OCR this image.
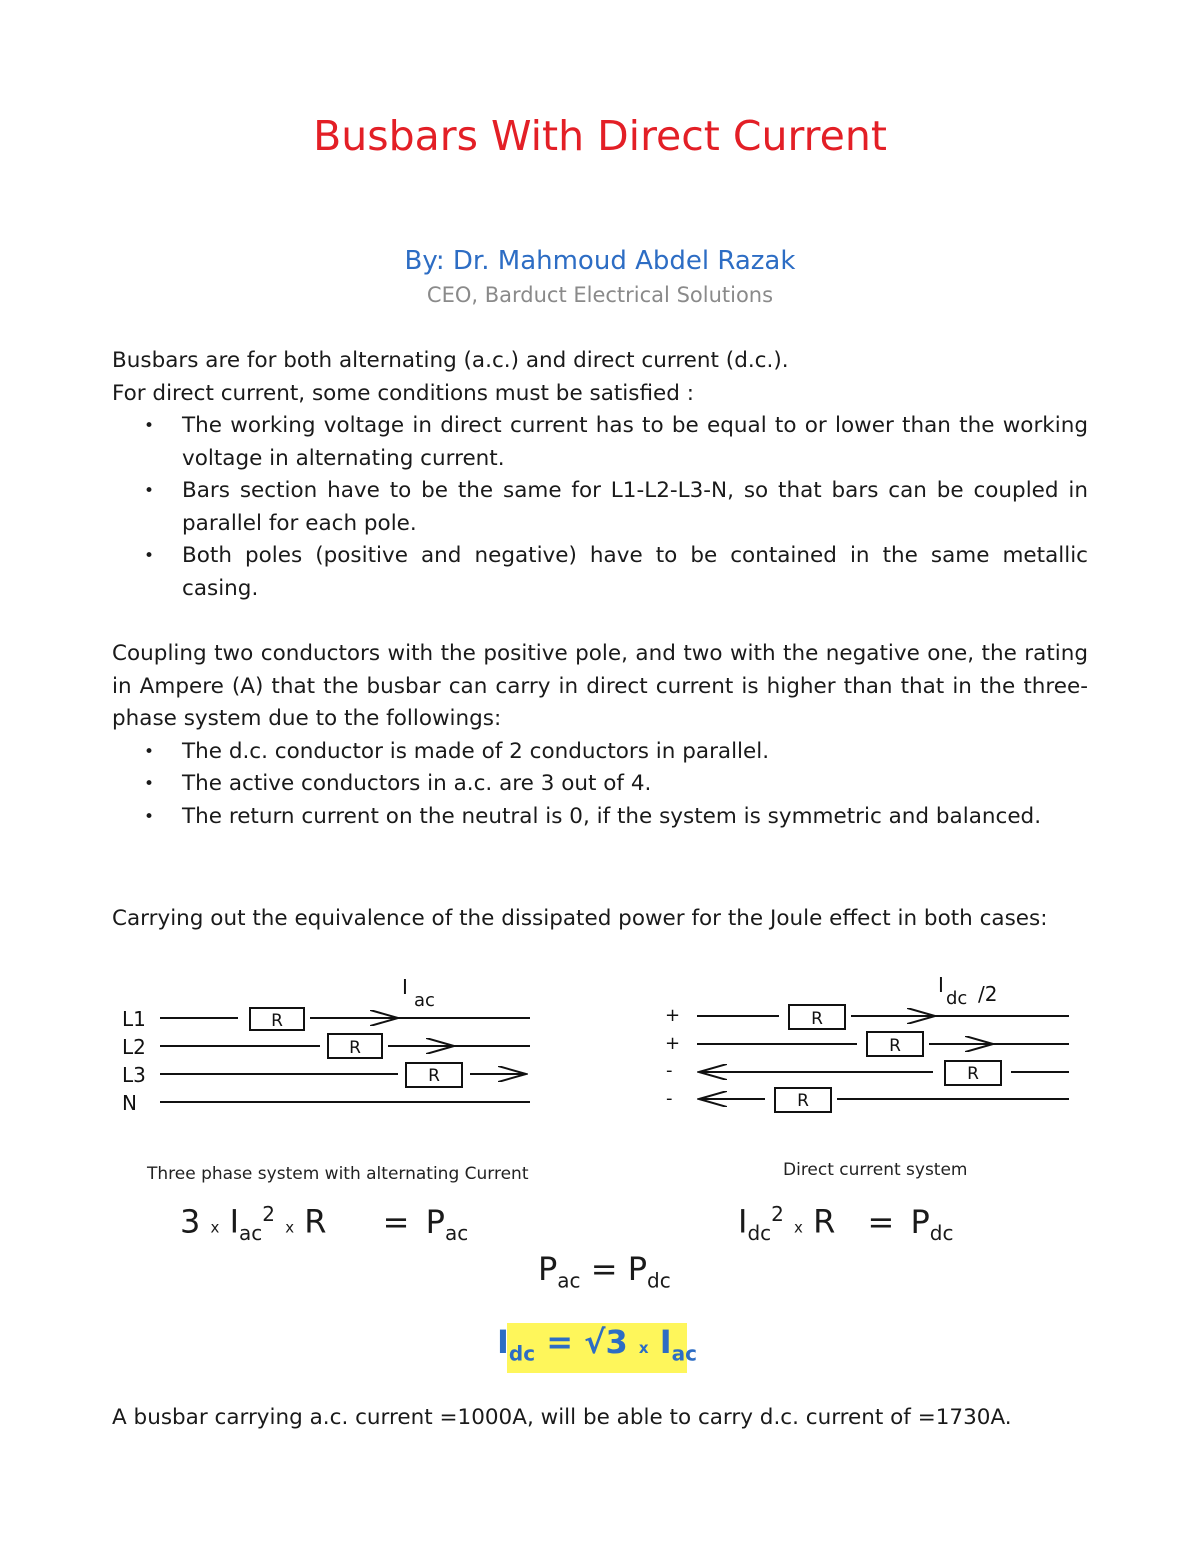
Busbars With Direct Current
By: Dr. Mahmoud Abdel Razak
CEO, Barduct Electrical Solutions

Busbars are for both alternating (a.c.) and direct current (d.c.).

For direct current, some conditions must be satisfied :

• The working voltage in direct current has to be equal to or lower than the working voltage in alternating current.
• Bars section have to be the same for L1-L2-L3-N, so that bars can be coupled in parallel for each pole.
• Both poles (positive and negative) have to be contained in the same metallic casing.

Coupling two conductors with the positive pole, and two with the negative one, the rating in Ampere (A) that the busbar can carry in direct current is higher than that in the three-phase system due to the followings:

• The d.c. conductor is made of 2 conductors in parallel.
• The active conductors in a.c. are 3 out of 4.
• The return current on the neutral is 0, if the system is symmetric and balanced.

Carrying out the equivalence of the dissipated power for the Joule effect in both cases:

L1
L2
L3
N
R
R
R
I
ac
+
+
-
-
R
R
R
R
I
dc /2
Three phase system with alternating Current	Direct current system
3 x $I_{ac}^2$ x $R = P_{ac}$	$I_{dc}^2$ x $R = P_{dc}$
$P_{ac} = P_{dc}$
$I_{dc} = √3$ x $I_{ac}$

A busbar carrying a.c. current =1000A, will be able to carry d.c. current of =1730A.
